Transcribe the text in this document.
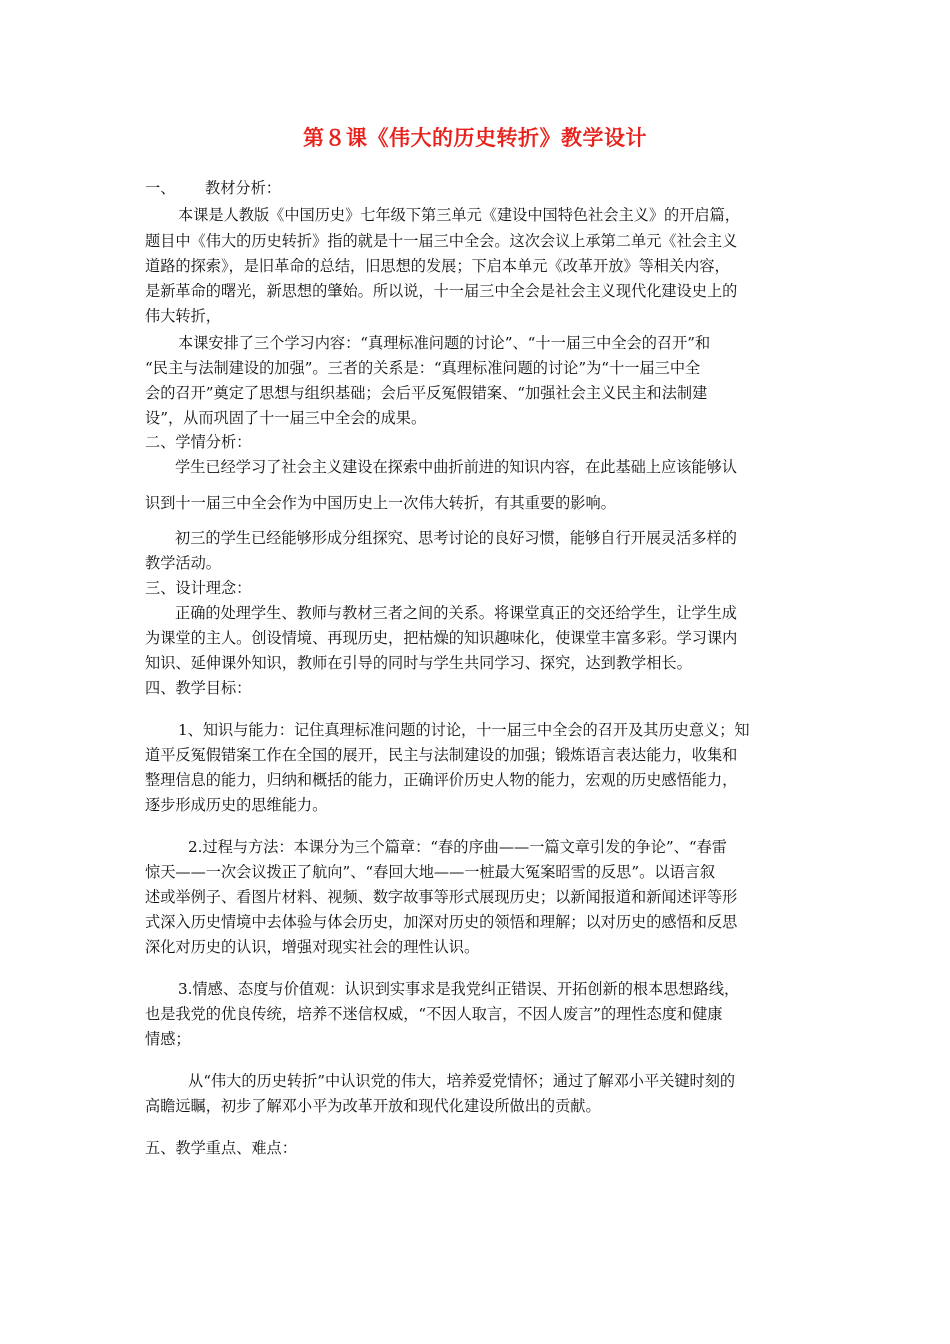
第８课《伟大的历史转折》教学设计
一、 教材分析：
本课是人教版《中国历史》七年级下第三单元《建设中国特色社会主义》的开启篇，
题目中《伟大的历史转折》指的就是十一届三中全会。这次会议上承第二单元《社会主义
道路的探索》，是旧革命的总结，旧思想的发展；下启本单元《改革开放》等相关内容，
是新革命的曙光，新思想的肇始。所以说，十一届三中全会是社会主义现代化建设史上的
伟大转折，
本课安排了三个学习内容：“真理标准问题的讨论”、“十一届三中全会的召开”和
“民主与法制建设的加强”。三者的关系是：“真理标准问题的讨论”为“十一届三中全
会的召开”奠定了思想与组织基础；会后平反冤假错案、“加强社会主义民主和法制建
设”，从而巩固了十一届三中全会的成果。
二、学情分析：
学生已经学习了社会主义建设在探索中曲折前进的知识内容，在此基础上应该能够认
识到十一届三中全会作为中国历史上一次伟大转折，有其重要的影响。
初三的学生已经能够形成分组探究、思考讨论的良好习惯，能够自行开展灵活多样的
教学活动。
三、设计理念：
正确的处理学生、教师与教材三者之间的关系。将课堂真正的交还给学生，让学生成
为课堂的主人。创设情境、再现历史，把枯燥的知识趣味化，使课堂丰富多彩。学习课内
知识、延伸课外知识，教师在引导的同时与学生共同学习、探究，达到教学相长。
四、教学目标：
1、知识与能力：记住真理标准问题的讨论，十一届三中全会的召开及其历史意义；知
道平反冤假错案工作在全国的展开，民主与法制建设的加强；锻炼语言表达能力，收集和
整理信息的能力，归纳和概括的能力，正确评价历史人物的能力，宏观的历史感悟能力，
逐步形成历史的思维能力。
2.过程与方法：本课分为三个篇章：“春的序曲——一篇文章引发的争论”、“春雷
惊天——一次会议拨正了航向”、“春回大地——一桩最大冤案昭雪的反思”。以语言叙
述或举例子、看图片材料、视频、数字故事等形式展现历史；以新闻报道和新闻述评等形
式深入历史情境中去体验与体会历史，加深对历史的领悟和理解；以对历史的感悟和反思
深化对历史的认识，增强对现实社会的理性认识。
3.情感、态度与价值观：认识到实事求是我党纠正错误、开拓创新的根本思想路线，
也是我党的优良传统，培养不迷信权威，“不因人取言，不因人废言”的理性态度和健康
情感；
从“伟大的历史转折”中认识党的伟大，培养爱党情怀；通过了解邓小平关键时刻的
高瞻远瞩，初步了解邓小平为改革开放和现代化建设所做出的贡献。
五、教学重点、难点：
